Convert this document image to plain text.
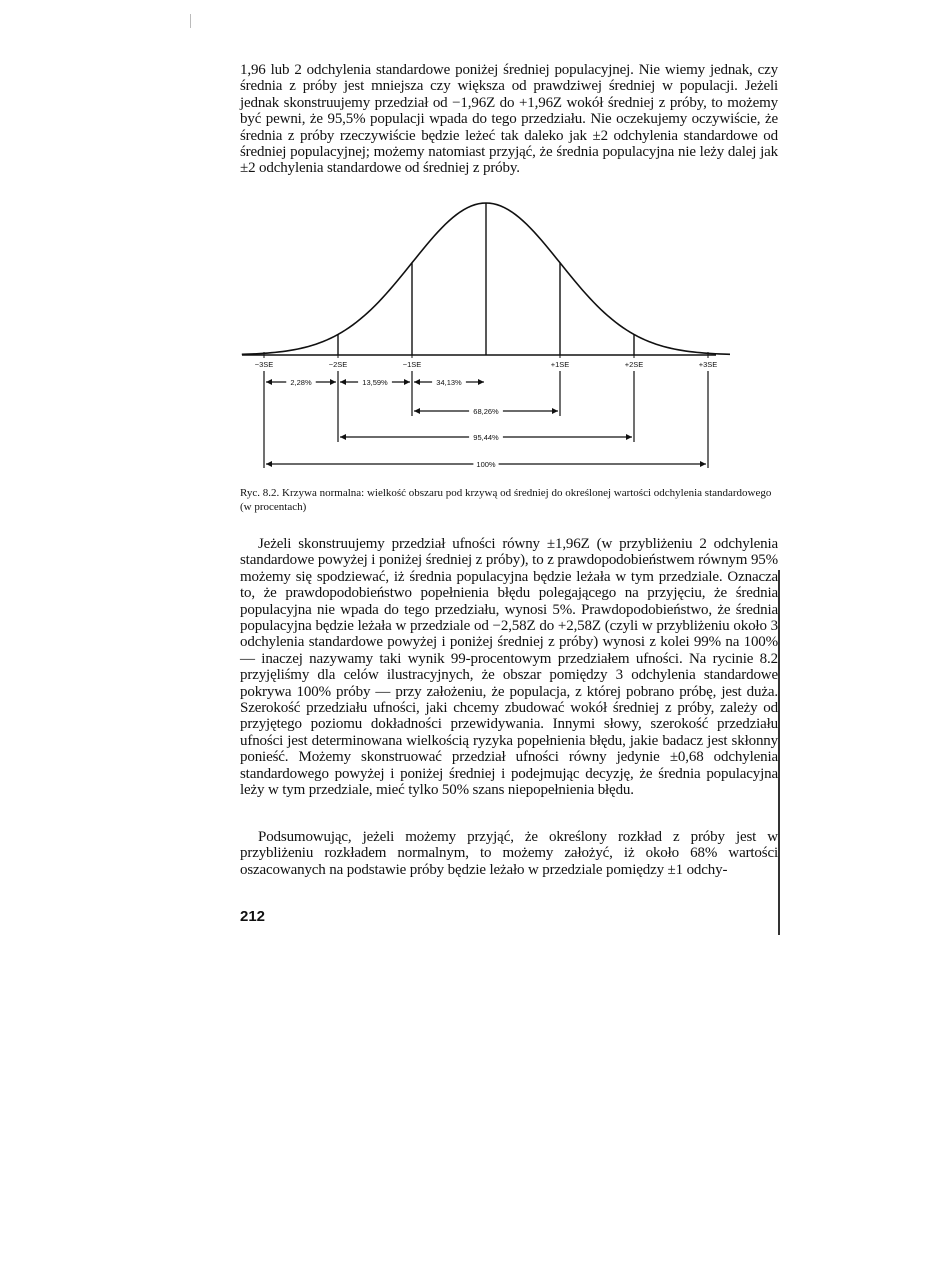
1,96 lub 2 odchylenia standardowe poniżej średniej populacyjnej. Nie wiemy jednak, czy średnia z próby jest mniejsza czy większa od prawdziwej średniej w populacji. Jeżeli jednak skonstruujemy przedział od −1,96Z do +1,96Z wokół średniej z próby, to możemy być pewni, że 95,5% populacji wpada do tego przedziału. Nie oczekujemy oczywiście, że średnia z próby rzeczywiście będzie leżeć tak daleko jak ±2 odchylenia standardowe od średniej populacyjnej; możemy natomiast przyjąć, że średnia populacyjna nie leży dalej jak ±2 odchylenia standardowe od średniej z próby.

−3SE	−2SE	−1SE	+1SE	+2SE	+3SE
2,28%	13,59%	34,13%
68,26%
95,44%
100%

Ryc. 8.2. Krzywa normalna: wielkość obszaru pod krzywą od średniej do określonej wartości odchylenia standardowego (w procentach)

Jeżeli skonstruujemy przedział ufności równy ±1,96Z (w przybliżeniu 2 odchylenia standardowe powyżej i poniżej średniej z próby), to z prawdopodobieństwem równym 95% możemy się spodziewać, iż średnia populacyjna będzie leżała w tym przedziale. Oznacza to, że prawdopodobieństwo popełnienia błędu polegającego na przyjęciu, że średnia populacyjna nie wpada do tego przedziału, wynosi 5%. Prawdopodobieństwo, że średnia populacyjna będzie leżała w przedziale od −2,58Z do +2,58Z (czyli w przybliżeniu około 3 odchylenia standardowe powyżej i poniżej średniej z próby) wynosi z kolei 99% na 100% — inaczej nazywamy taki wynik 99-procentowym przedziałem ufności. Na rycinie 8.2 przyjęliśmy dla celów ilustracyjnych, że obszar pomiędzy 3 odchylenia standardowe pokrywa 100% próby — przy założeniu, że populacja, z której pobrano próbę, jest duża. Szerokość przedziału ufności, jaki chcemy zbudować wokół średniej z próby, zależy od przyjętego poziomu dokładności przewidywania. Innymi słowy, szerokość przedziału ufności jest determinowana wielkością ryzyka popełnienia błędu, jakie badacz jest skłonny ponieść. Możemy skonstruować przedział ufności równy jedynie ±0,68 odchylenia standardowego powyżej i poniżej średniej i podejmując decyzję, że średnia populacyjna leży w tym przedziale, mieć tylko 50% szans niepopełnienia błędu.

Podsumowując, jeżeli możemy przyjąć, że określony rozkład z próby jest w przybliżeniu rozkładem normalnym, to możemy założyć, iż około 68% wartości oszacowanych na podstawie próby będzie leżało w przedziale pomiędzy ±1 odchy-

212
